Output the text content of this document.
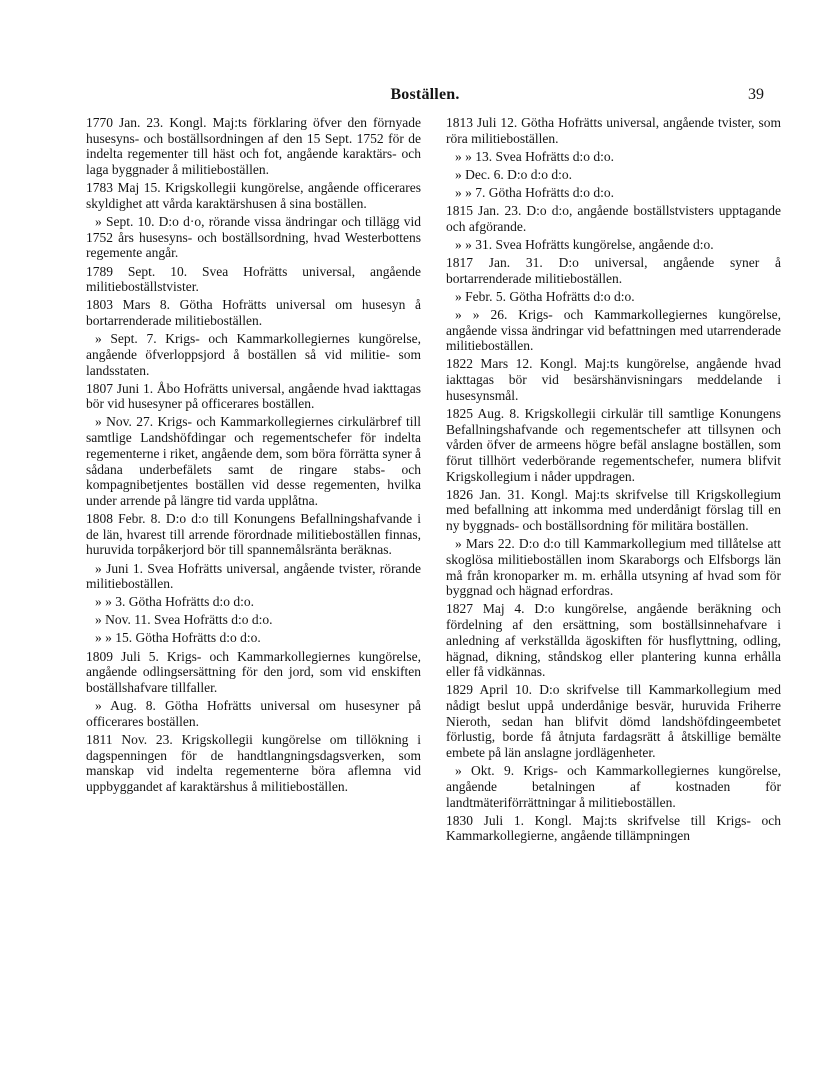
Boställen.	39

1770 Jan. 23. Kongl. Maj:ts förklaring öfver den förnyade husesyns- och boställsordningen af den 15 Sept. 1752 för de indelta regementer till häst och fot, angående karaktärs- och laga byggnader å militieboställen.

1783 Maj 15. Krigskollegii kungörelse, angående officerares skyldighet att vårda karaktärshusen å sina boställen.

» Sept. 10. D:o d·o, rörande vissa ändringar och tillägg vid 1752 års husesyns- och boställsordning, hvad Westerbottens regemente angår.

1789 Sept. 10. Svea Hofrätts universal, angående militieboställstvister.

1803 Mars 8. Götha Hofrätts universal om husesyn å bortarrenderade militieboställen.

» Sept. 7. Krigs- och Kammarkollegiernes kungörelse, angående öfverloppsjord å boställen så vid militie- som landsstaten.

1807 Juni 1. Åbo Hofrätts universal, angående hvad iakttagas bör vid husesyner på officerares boställen.

» Nov. 27. Krigs- och Kammarkollegiernes cirkulärbref till samtlige Landshöfdingar och regementschefer för indelta regementerne i riket, angående dem, som böra förrätta syner å sådana underbefälets samt de ringare stabs- och kompagnibetjentes boställen vid desse regementen, hvilka under arrende på längre tid varda upplåtna.

1808 Febr. 8. D:o d:o till Konungens Befallningshafvande i de län, hvarest till arrende förordnade militieboställen finnas, huruvida torpåkerjord bör till spannemålsränta beräknas.

» Juni 1. Svea Hofrätts universal, angående tvister, rörande militieboställen.

» » 3. Götha Hofrätts d:o d:o.

» Nov. 11. Svea Hofrätts d:o d:o.

» » 15. Götha Hofrätts d:o d:o.

1809 Juli 5. Krigs- och Kammarkollegiernes kungörelse, angående odlingsersättning för den jord, som vid enskiften boställshafvare tillfaller.

» Aug. 8. Götha Hofrätts universal om husesyner på officerares boställen.

1811 Nov. 23. Krigskollegii kungörelse om tillökning i dagspenningen för de handtlangningsdagsverken, som manskap vid indelta regementerne böra aflemna vid uppbyggandet af karaktärshus å militieboställen.

1813 Juli 12. Götha Hofrätts universal, angående tvister, som röra militieboställen.

» » 13. Svea Hofrätts d:o d:o.

» Dec. 6. D:o d:o d:o.

» » 7. Götha Hofrätts d:o d:o.

1815 Jan. 23. D:o d:o, angående boställstvisters upptagande och afgörande.

» » 31. Svea Hofrätts kungörelse, angående d:o.

1817 Jan. 31. D:o universal, angående syner å bortarrenderade militieboställen.

» Febr. 5. Götha Hofrätts d:o d:o.

» » 26. Krigs- och Kammarkollegiernes kungörelse, angående vissa ändringar vid befattningen med utarrenderade militieboställen.

1822 Mars 12. Kongl. Maj:ts kungörelse, angående hvad iakttagas bör vid besärshänvisningars meddelande i husesynsmål.

1825 Aug. 8. Krigskollegii cirkulär till samtlige Konungens Befallningshafvande och regementschefer att tillsynen och vården öfver de armeens högre befäl anslagne boställen, som förut tillhört vederbörande regementschefer, numera blifvit Krigskollegium i nåder uppdragen.

1826 Jan. 31. Kongl. Maj:ts skrifvelse till Krigskollegium med befallning att inkomma med underdånigt förslag till en ny byggnads- och boställsordning för militära boställen.

» Mars 22. D:o d:o till Kammarkollegium med tillåtelse att skoglösa militieboställen inom Skaraborgs och Elfsborgs län må från kronoparker m. m. erhålla utsyning af hvad som för byggnad och hägnad erfordras.

1827 Maj 4. D:o kungörelse, angående beräkning och fördelning af den ersättning, som boställsinnehafvare i anledning af verkställda ägoskiften för husflyttning, odling, hägnad, dikning, ståndskog eller plantering kunna erhålla eller få vidkännas.

1829 April 10. D:o skrifvelse till Kammarkollegium med nådigt beslut uppå underdånige besvär, huruvida Friherre Nieroth, sedan han blifvit dömd landshöfdingeembetet förlustig, borde få åtnjuta fardagsrätt å åtskillige bemälte embete på län anslagne jordlägenheter.

» Okt. 9. Krigs- och Kammarkollegiernes kungörelse, angående betalningen af kostnaden för landtmäteriförrättningar å militieboställen.

1830 Juli 1. Kongl. Maj:ts skrifvelse till Krigs- och Kammarkollegierne, angående tillämpningen
